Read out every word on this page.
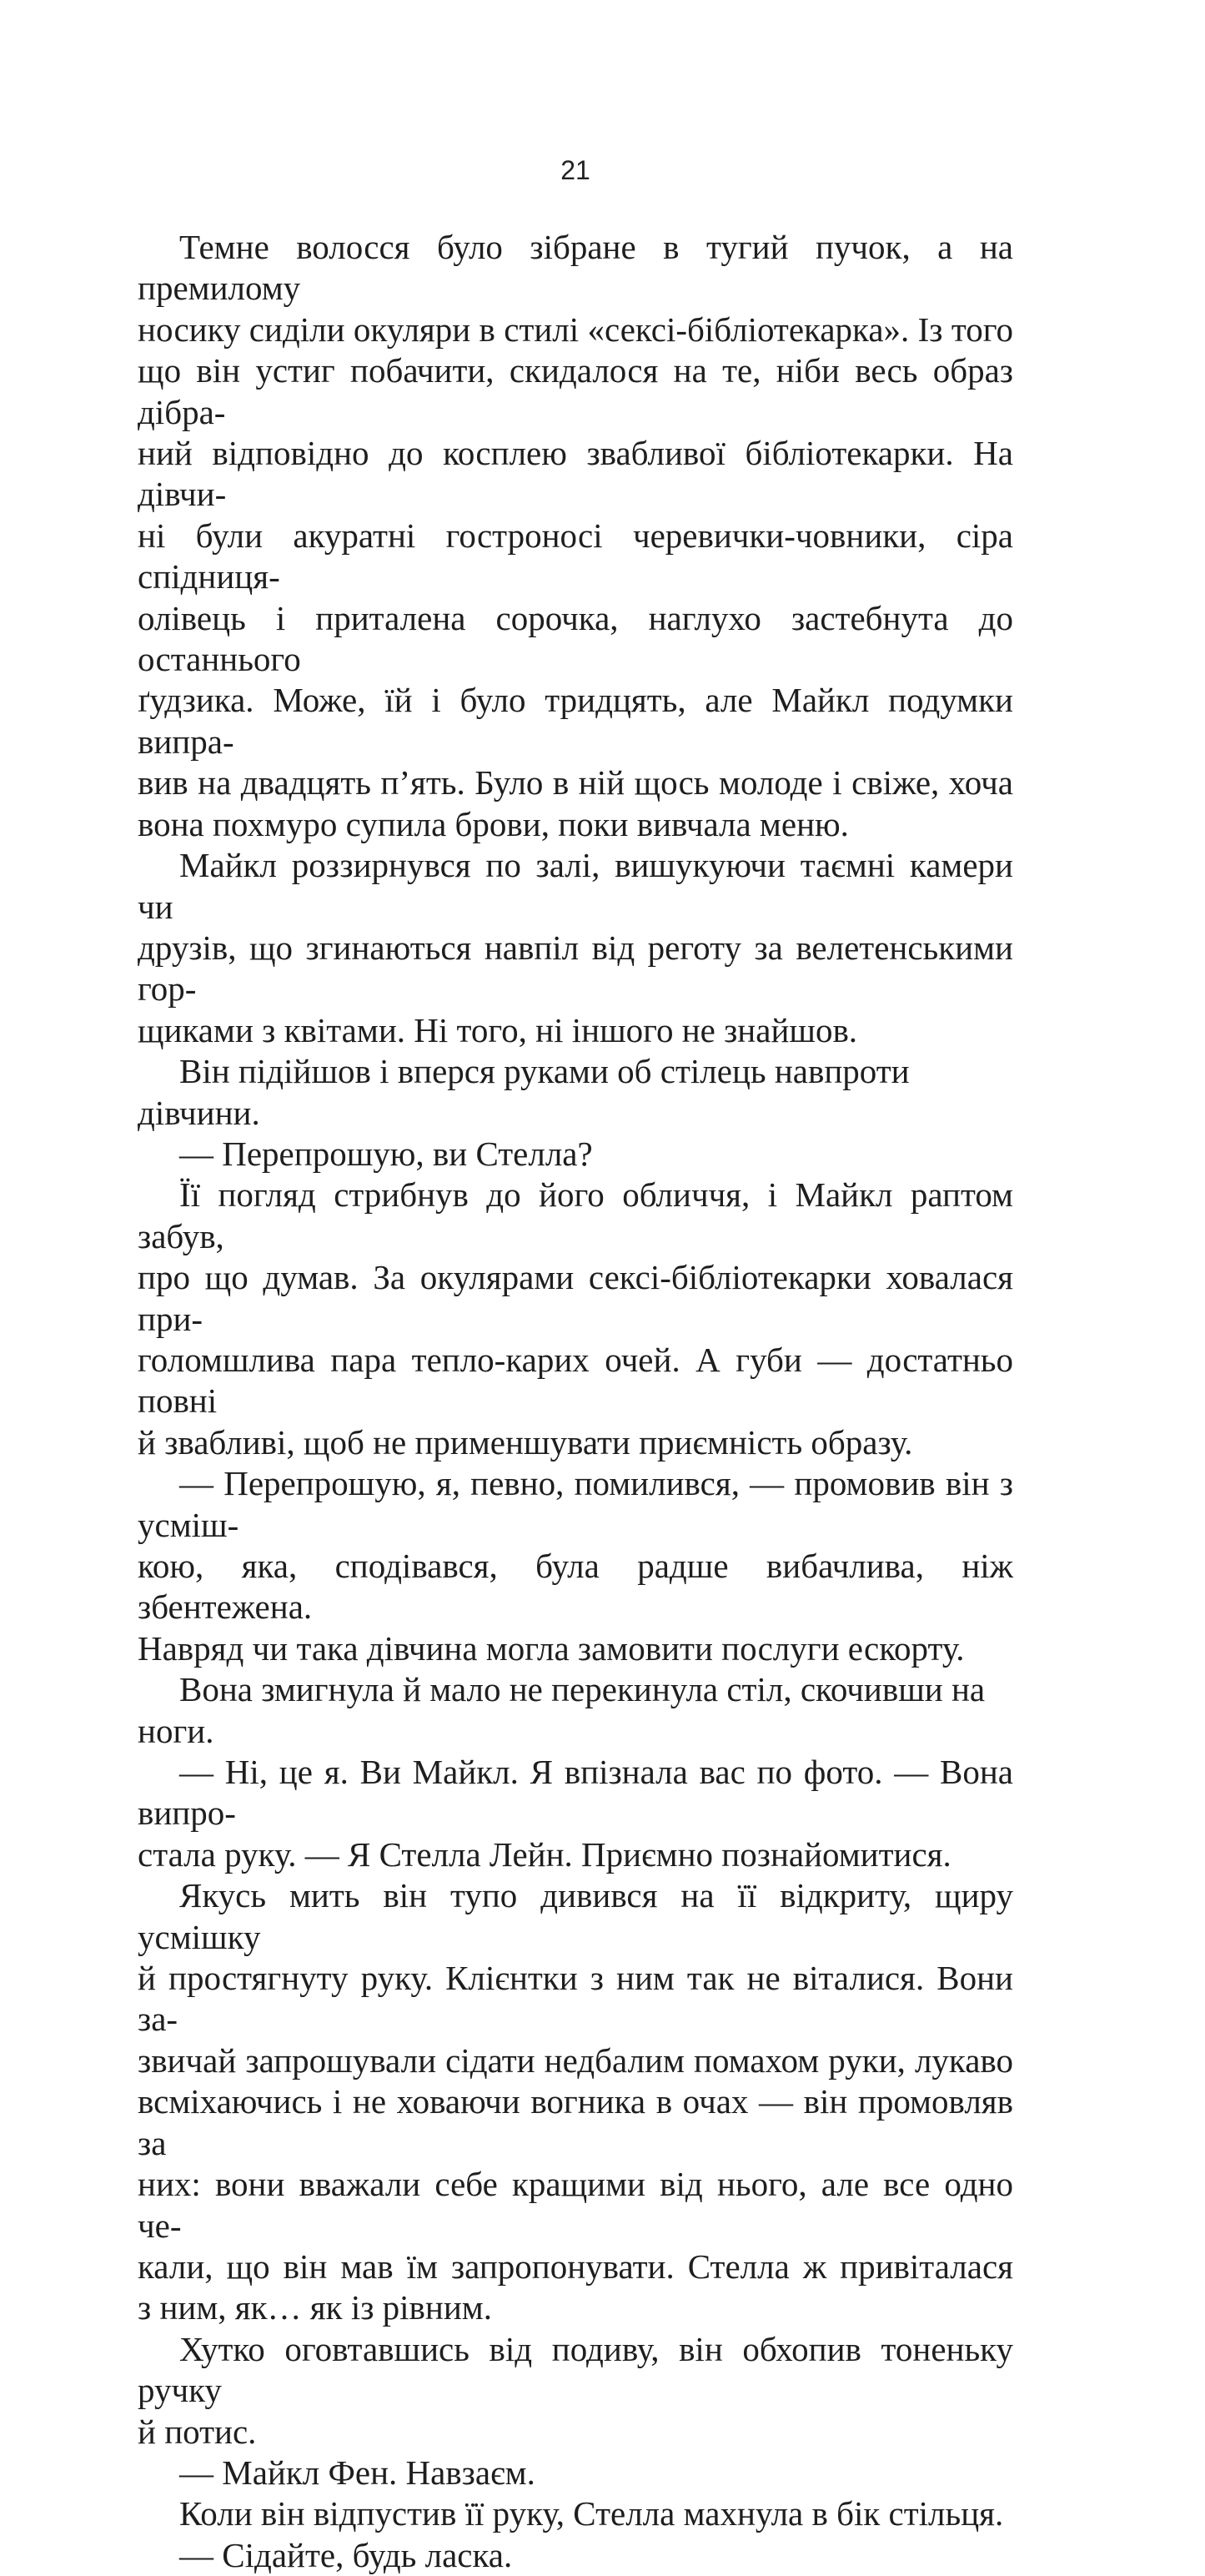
21
Темне волосся було зібране в тугий пучок, а на премилому
носику сиділи окуляри в стилі «сексі-бібліотекарка». Із того
що він устиг побачити, скидалося на те, ніби весь образ дібра-
ний відповідно до косплею звабливої бібліотекарки. На дівчи-
ні були акуратні гостроносі черевички-човники, сіра спідниця-
олівець і приталена сорочка, наглухо застебнута до останнього
ґудзика. Може, їй і було тридцять, але Майкл подумки випра-
вив на двадцять п’ять. Було в ній щось молоде і свіже, хоча
вона похмуро супила брови, поки вивчала меню.
Майкл роззирнувся по залі, вишукуючи таємні камери чи
друзів, що згинаються навпіл від реготу за велетенськими гор-
щиками з квітами. Ні того, ні іншого не знайшов.
Він підійшов і вперся руками об стілець навпроти дівчини.
— Перепрошую, ви Стелла?
Її погляд стрибнув до його обличчя, і Майкл раптом забув,
про що думав. За окулярами сексі-бібліотекарки ховалася при-
голомшлива пара тепло-карих очей. А губи — достатньо повні
й звабливі, щоб не применшувати приємність образу.
— Перепрошую, я, певно, помилився, — промовив він з усміш-
кою, яка, сподівався, була радше вибачлива, ніж збентежена.
Навряд чи така дівчина могла замовити послуги ескорту.
Вона змигнула й мало не перекинула стіл, скочивши на ноги.
— Ні, це я. Ви Майкл. Я впізнала вас по фото. — Вона випро-
стала руку. — Я Стелла Лейн. Приємно познайомитися.
Якусь мить він тупо дивився на її відкриту, щиру усмішку
й простягнуту руку. Клієнтки з ним так не віталися. Вони за-
звичай запрошували сідати недбалим помахом руки, лукаво
всміхаючись і не ховаючи вогника в очах — він промовляв за
них: вони вважали себе кращими від нього, але все одно че-
кали, що він мав їм запропонувати. Стелла ж привіталася
з ним, як… як із рівним.
Хутко оговтавшись від подиву, він обхопив тоненьку ручку
й потис.
— Майкл Фен. Навзаєм.
Коли він відпустив її руку, Стелла махнула в бік стільця.
— Сідайте, будь ласка.
